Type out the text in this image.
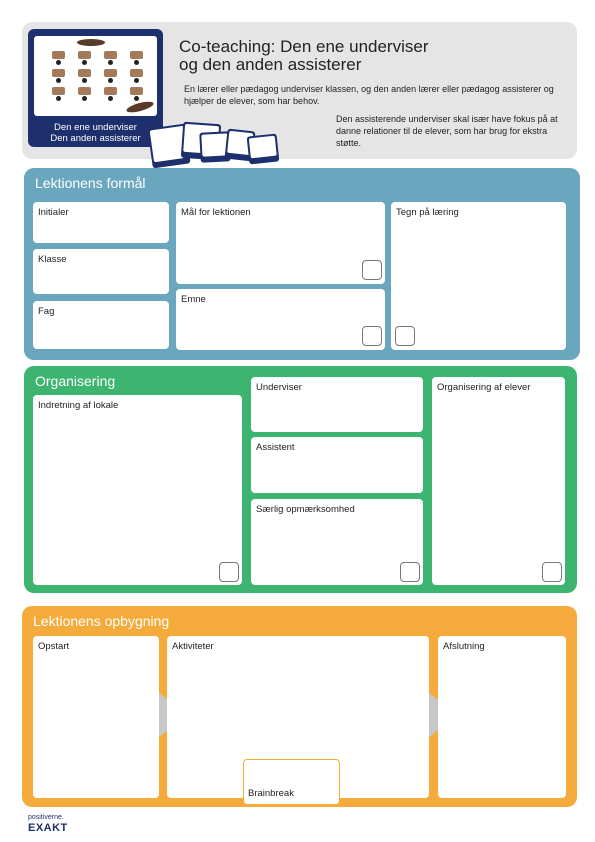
Den ene underviser
Den anden assisterer
Co-teaching: Den ene underviser
og den anden assisterer
En lærer eller pædagog underviser klassen, og den anden lærer eller pædagog assisterer og hjælper de elever, som har behov.
Den assisterende underviser skal især have fokus på at danne relationer til de elever, som har brug for ekstra støtte.
Lektionens formål
Initialer
Klasse
Fag
Mål for lektionen
Emne
Tegn på læring
Organisering
Indretning af lokale
Underviser
Assistent
Særlig opmærksomhed
Organisering af elever
Lektionens opbygning
Opstart	Aktiviteter
Brainbreak
Afslutning
positiverne.
EXAKT
